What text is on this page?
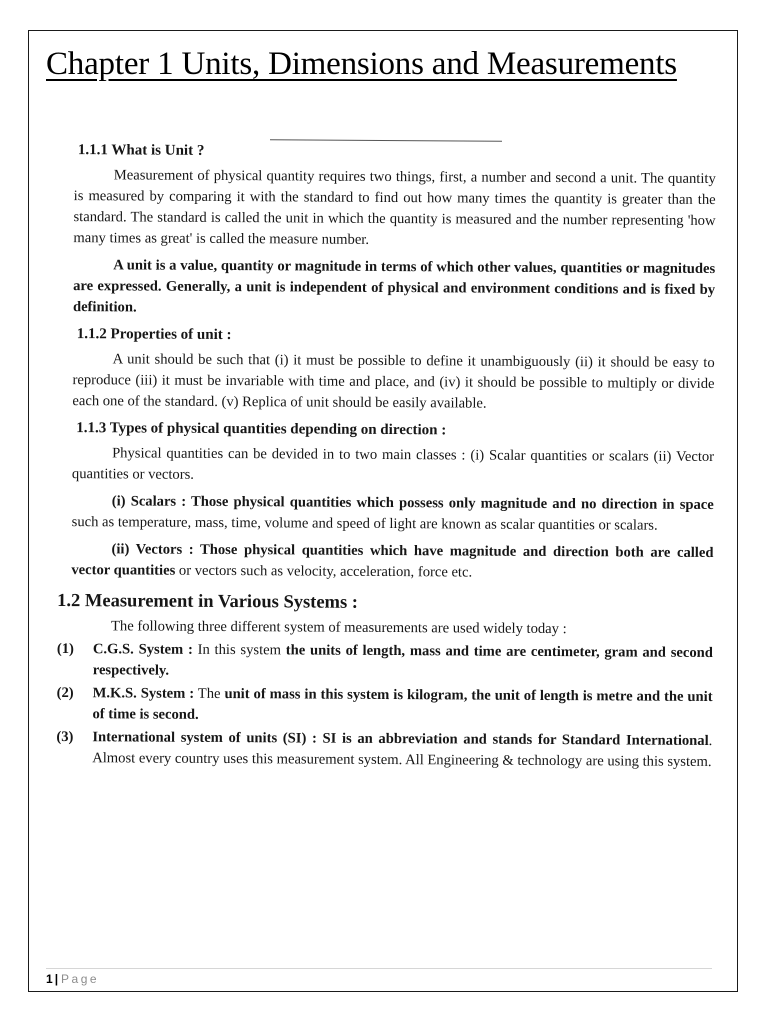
Chapter 1 Units, Dimensions and Measurements
1.1.1 What is Unit ?

Measurement of physical quantity requires two things, first, a number and second a unit. The quantity is measured by comparing it with the standard to find out how many times the quantity is greater than the standard. The standard is called the unit in which the quantity is measured and the number representing 'how many times as great' is called the measure number.

A unit is a value, quantity or magnitude in terms of which other values, quantities or magnitudes are expressed. Generally, a unit is independent of physical and environment conditions and is fixed by definition.

1.1.2 Properties of unit :

A unit should be such that (i) it must be possible to define it unambiguously (ii) it should be easy to reproduce (iii) it must be invariable with time and place, and (iv) it should be possible to multiply or divide each one of the standard. (v) Replica of unit should be easily available.

1.1.3 Types of physical quantities depending on direction :

Physical quantities can be devided in to two main classes : (i) Scalar quantities or scalars (ii) Vector quantities or vectors.

(i) Scalars : Those physical quantities which possess only magnitude and no direction in space such as temperature, mass, time, volume and speed of light are known as scalar quantities or scalars.

(ii) Vectors : Those physical quantities which have magnitude and direction both are called vector quantities or vectors such as velocity, acceleration, force etc.

1.2 Measurement in Various Systems :

The following three different system of measurements are used widely today :

(1)	C.G.S. System : In this system the units of length, mass and time are centimeter, gram and second respectively.
(2)	M.K.S. System : The unit of mass in this system is kilogram, the unit of length is metre and the unit of time is second.
(3)	International system of units (SI) : SI is an abbreviation and stands for Standard International. Almost every country uses this measurement system. All Engineering & technology are using this system.
1 | Page
